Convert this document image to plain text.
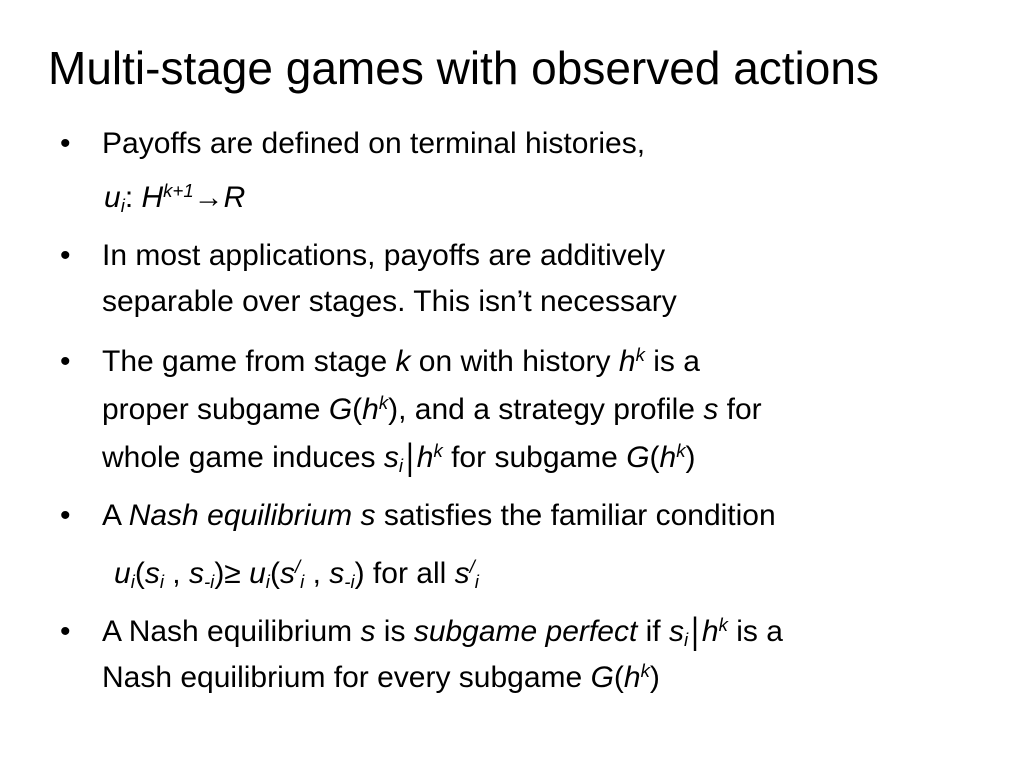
Multi-stage games with observed actions
• Payoffs are defined on terminal histories,
$u_i$: $H^{k+1}\to R$
• In most applications, payoffs are additively
separable over stages. This isn’t necessary
• The game from stage k on with history $h^k$ is a
proper subgame $G(h^k)$, and a strategy profile s for
whole game induces $s_i$ | $h^k$ for subgame $G(h^k)$
• A Nash equilibrium s satisfies the familiar condition
$u_i(s_i$ , $s_{-i})\ge u_i(s^/_i$ , $s_{-i}$) for all $s^/_i$
• A Nash equilibrium s is subgame perfect if $s_i$ | $h^k$ is a
Nash equilibrium for every subgame $G(h^k)$
